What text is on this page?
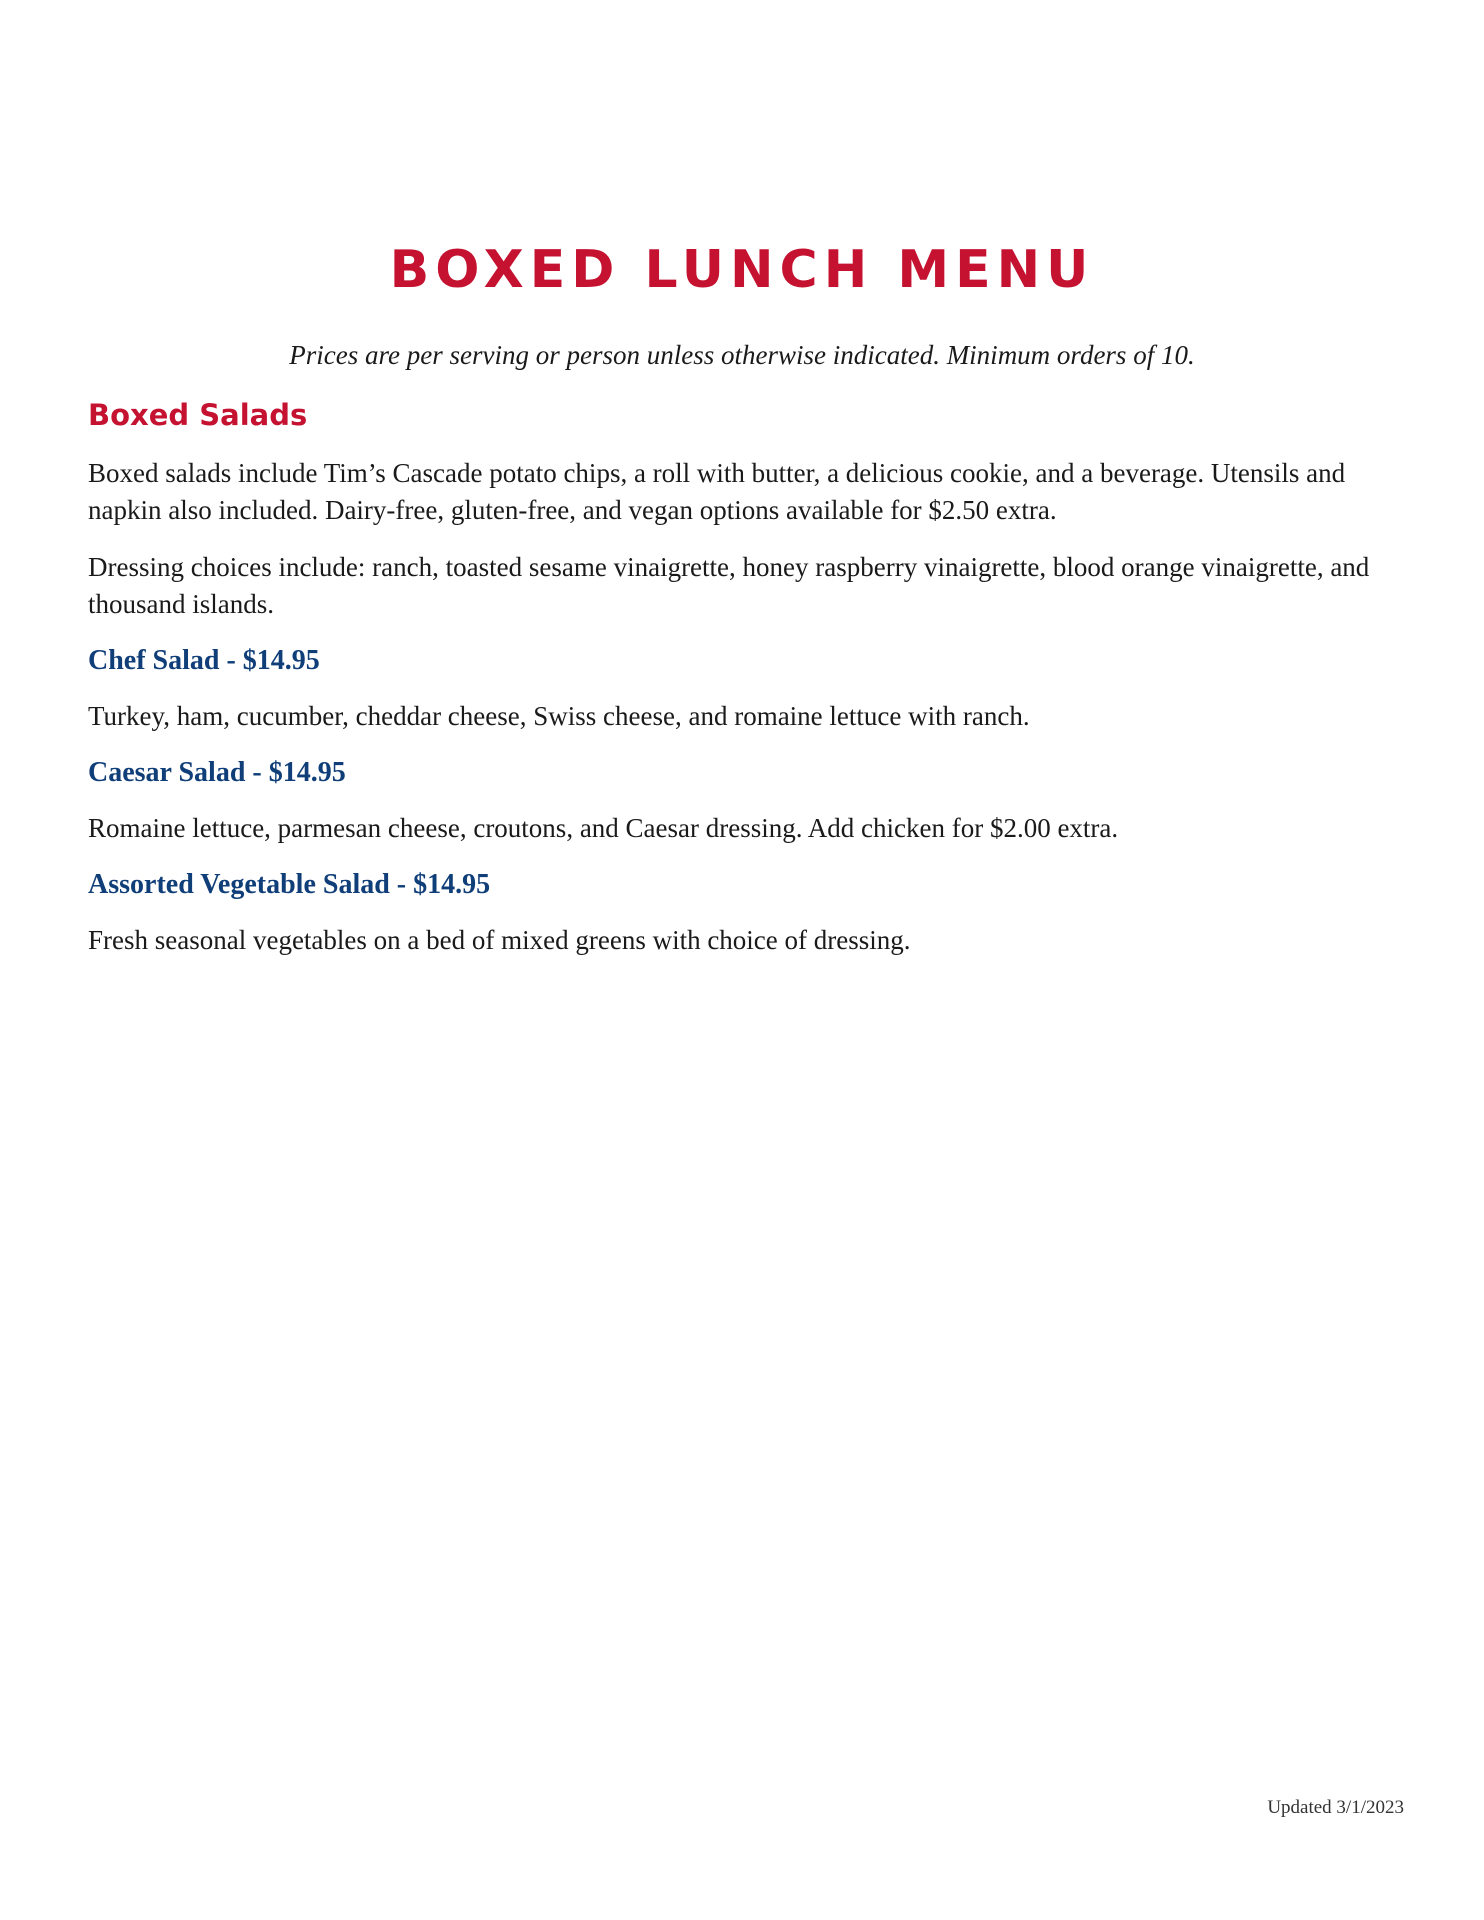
BOXED LUNCH MENU
Prices are per serving or person unless otherwise indicated. Minimum orders of 10.
Boxed Salads

Boxed salads include Tim’s Cascade potato chips, a roll with butter, a delicious cookie, and a beverage. Utensils and napkin also included. Dairy-free, gluten-free, and vegan options available for $2.50 extra.

Dressing choices include: ranch, toasted sesame vinaigrette, honey raspberry vinaigrette, blood orange vinaigrette, and thousand islands.

Chef Salad - $14.95

Turkey, ham, cucumber, cheddar cheese, Swiss cheese, and romaine lettuce with ranch.

Caesar Salad - $14.95

Romaine lettuce, parmesan cheese, croutons, and Caesar dressing. Add chicken for $2.00 extra.

Assorted Vegetable Salad - $14.95

Fresh seasonal vegetables on a bed of mixed greens with choice of dressing.

Updated 3/1/2023
